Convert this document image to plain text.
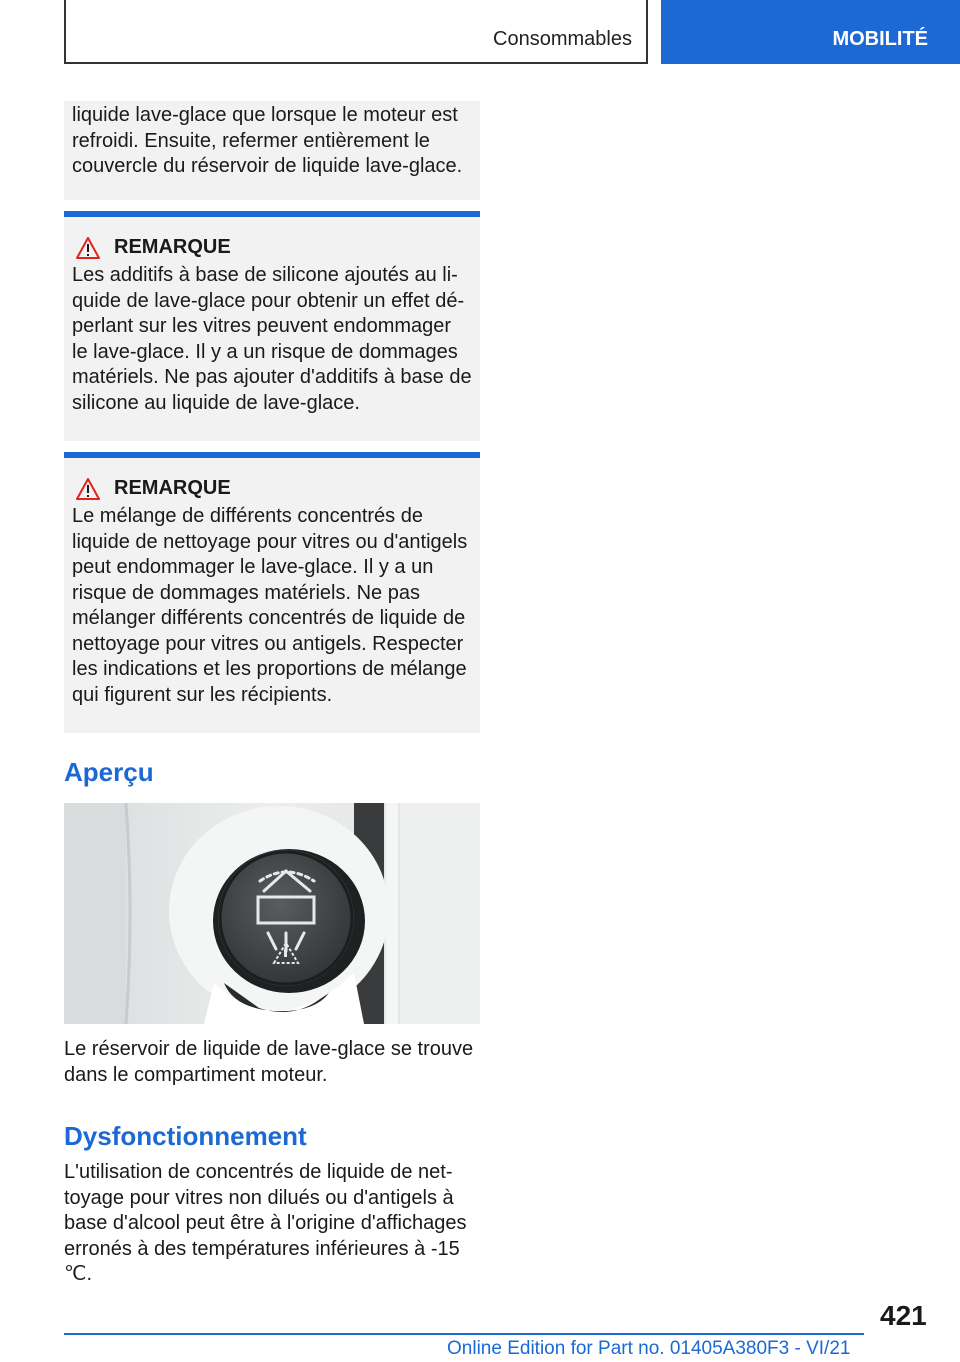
Consommables	MOBILITÉ
liquide lave-glace que lorsque le moteur est refroidi. Ensuite, refermer entièrement le couvercle du réservoir de liquide lave-glace.
REMARQUE
Les additifs à base de silicone ajoutés au liquide de lave-glace pour obtenir un effet déperlant sur les vitres peuvent endommager le lave-glace. Il y a un risque de dommages matériels. Ne pas ajouter d'additifs à base de silicone au liquide de lave-glace.
REMARQUE
Le mélange de différents concentrés de liquide de nettoyage pour vitres ou d'antigels peut endommager le lave-glace. Il y a un risque de dommages matériels. Ne pas mélanger différents concentrés de liquide de nettoyage pour vitres ou antigels. Respecter les indications et les proportions de mélange qui figurent sur les récipients.
Aperçu
Le réservoir de liquide de lave-glace se trouve dans le compartiment moteur.
Dysfonctionnement
L'utilisation de concentrés de liquide de nettoyage pour vitres non dilués ou d'antigels à base d'alcool peut être à l'origine d'affichages erronés à des températures inférieures à -15 ℃.
421
Online Edition for Part no. 01405A380F3 - VI/21
